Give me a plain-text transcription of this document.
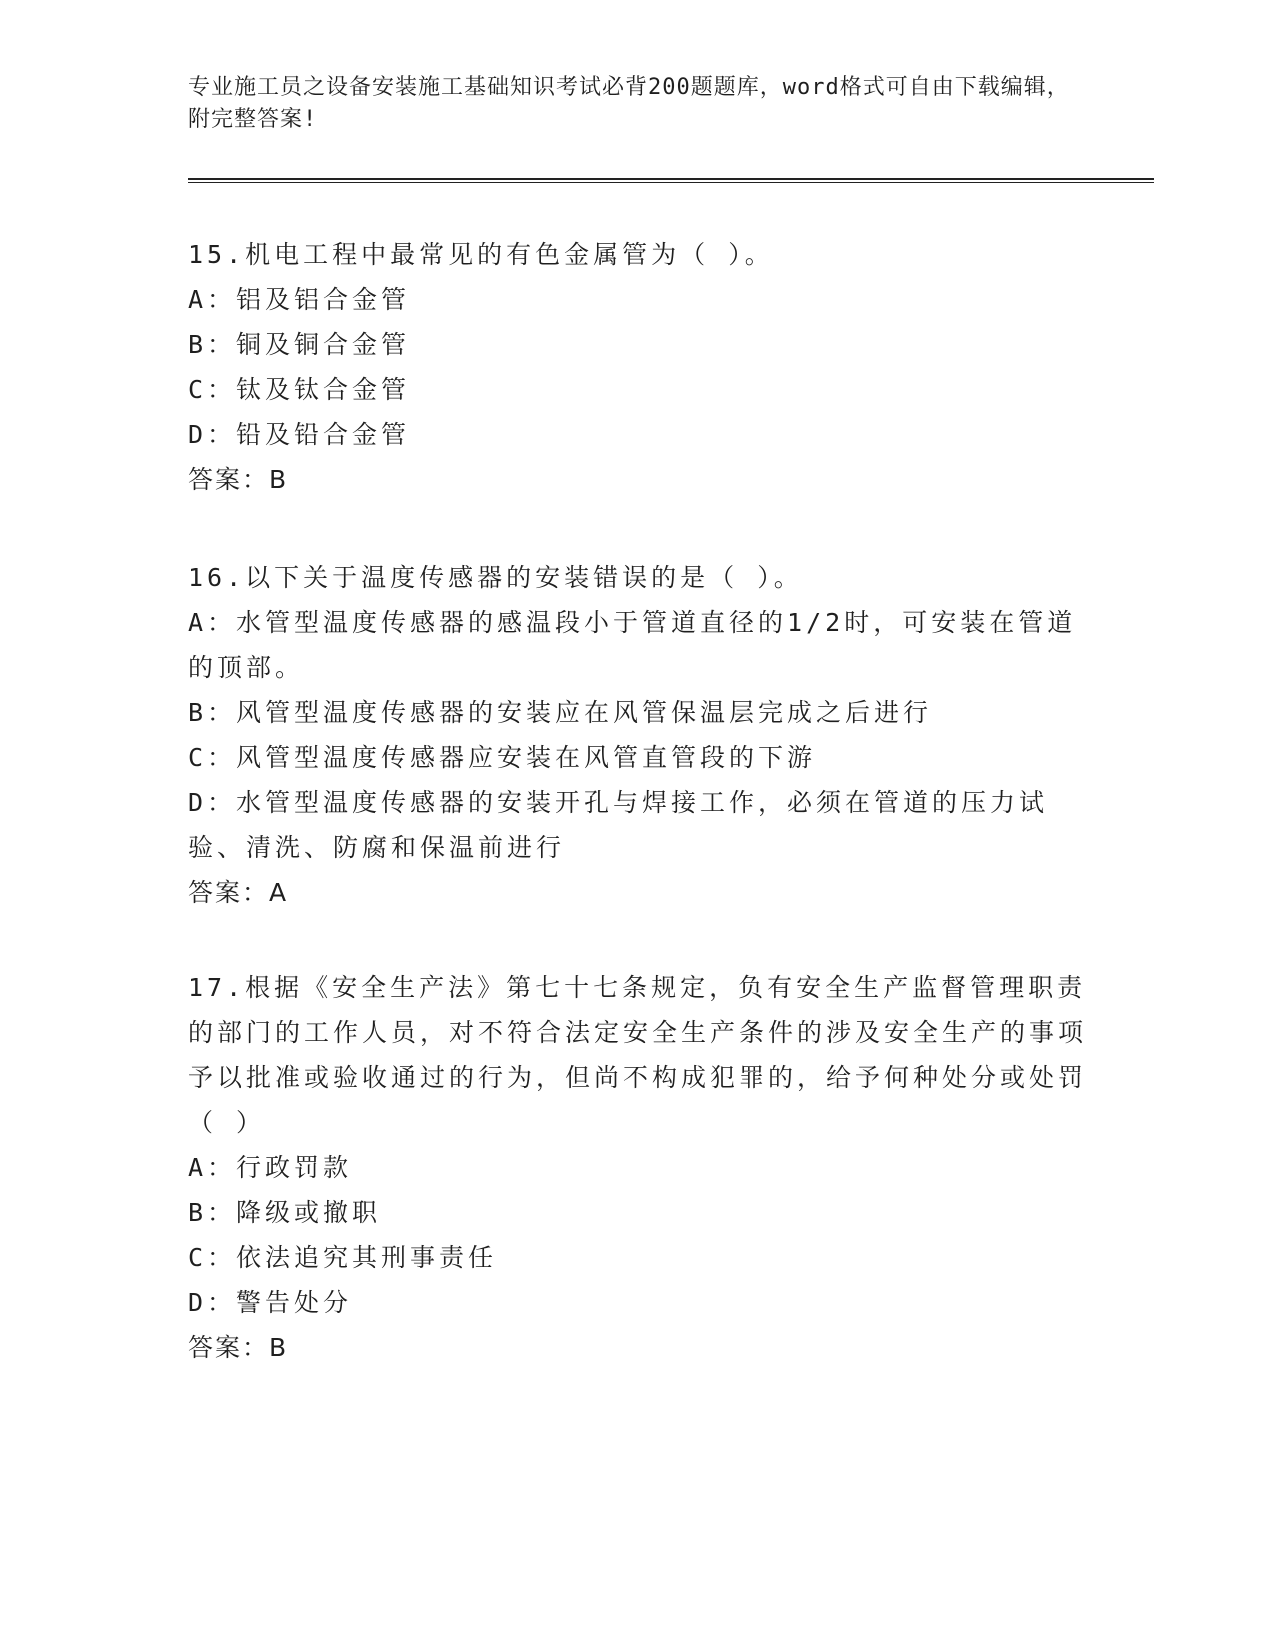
专业施工员之设备安装施工基础知识考试必背200题题库，word格式可自由下载编辑，附完整答案!

15.机电工程中最常见的有色金属管为（ ）。

A：铝及铝合金管

B：铜及铜合金管

C：钛及钛合金管

D：铅及铅合金管

答案：B

16.以下关于温度传感器的安装错误的是（ ）。

A：水管型温度传感器的感温段小于管道直径的1/2时，可安装在管道的顶部。

B：风管型温度传感器的安装应在风管保温层完成之后进行

C：风管型温度传感器应安装在风管直管段的下游

D：水管型温度传感器的安装开孔与焊接工作，必须在管道的压力试验、清洗、防腐和保温前进行

答案：A

17.根据《安全生产法》第七十七条规定，负有安全生产监督管理职责的部门的工作人员，对不符合法定安全生产条件的涉及安全生产的事项予以批准或验收通过的行为，但尚不构成犯罪的，给予何种处分或处罚（ ）

A：行政罚款

B：降级或撤职

C：依法追究其刑事责任

D：警告处分

答案：B
